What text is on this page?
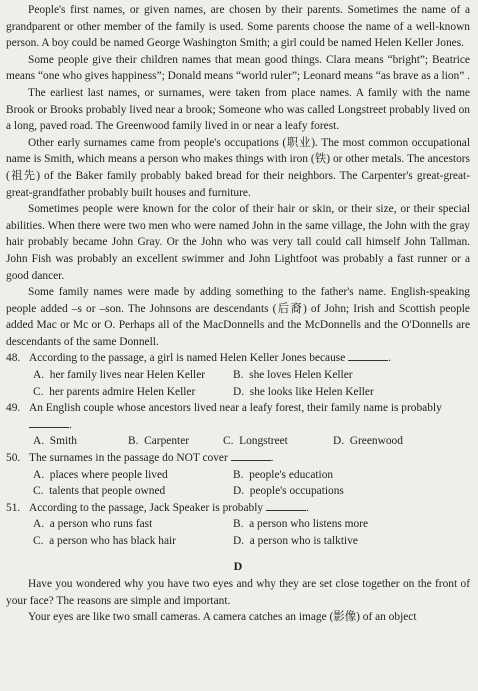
People's first names, or given names, are chosen by their parents. Sometimes the name of a grandparent or other member of the family is used. Some parents choose the name of a well-known person. A boy could be named George Washington Smith; a girl could be named Helen Keller Jones.

Some people give their children names that mean good things. Clara means “bright”; Beatrice means “one who gives happiness”; Donald means “world ruler”; Leonard means “as brave as a lion” .

The earliest last names, or surnames, were taken from place names. A family with the name Brook or Brooks probably lived near a brook; Someone who was called Longstreet probably lived on a long, paved road. The Greenwood family lived in or near a leafy forest.

Other early surnames came from people's occupations (职业). The most common occupational name is Smith, which means a person who makes things with iron (铁) or other metals. The ancestors (祖先) of the Baker family probably baked bread for their neighbors. The Carpenter's great-great-great-grandfather probably built houses and furniture.

Sometimes people were known for the color of their hair or skin, or their size, or their special abilities. When there were two men who were named John in the same village, the John with the gray hair probably became John Gray. Or the John who was very tall could call himself John Tallman. John Fish was probably an excellent swimmer and John Lightfoot was probably a fast runner or a good dancer.

Some family names were made by adding something to the father's name. English-speaking people added –s or –son. The Johnsons are descendants (后裔) of John; Irish and Scottish people added Mac or Mc or O. Perhaps all of the MacDonnells and the McDonnells and the O'Donnells are descendants of the same Donnell.

48. According to the passage, a girl is named Helen Keller Jones because	.
A.  her family lives near Helen Keller	B.  she loves Helen Keller
C.  her parents admire Helen Keller	D.  she looks like Helen Keller
49. An English couple whose ancestors lived near a leafy forest, their family name is probably .
A.  Smith	B.  Carpenter	C.  Longstreet	D.  Greenwood
50. The surnames in the passage do NOT cover	.
A.  places where people lived	B.  people's education
C.  talents that people owned	D.  people's occupations
51. According to the passage, Jack Speaker is probably	.
A.  a person who runs fast	B.  a person who listens more
C.  a person who has black hair	D.  a person who is talktive
D

Have you wondered why you have two eyes and why they are set close together on the front of your face? The reasons are simple and important.

Your eyes are like two small cameras. A camera catches an image (影像) of an object
